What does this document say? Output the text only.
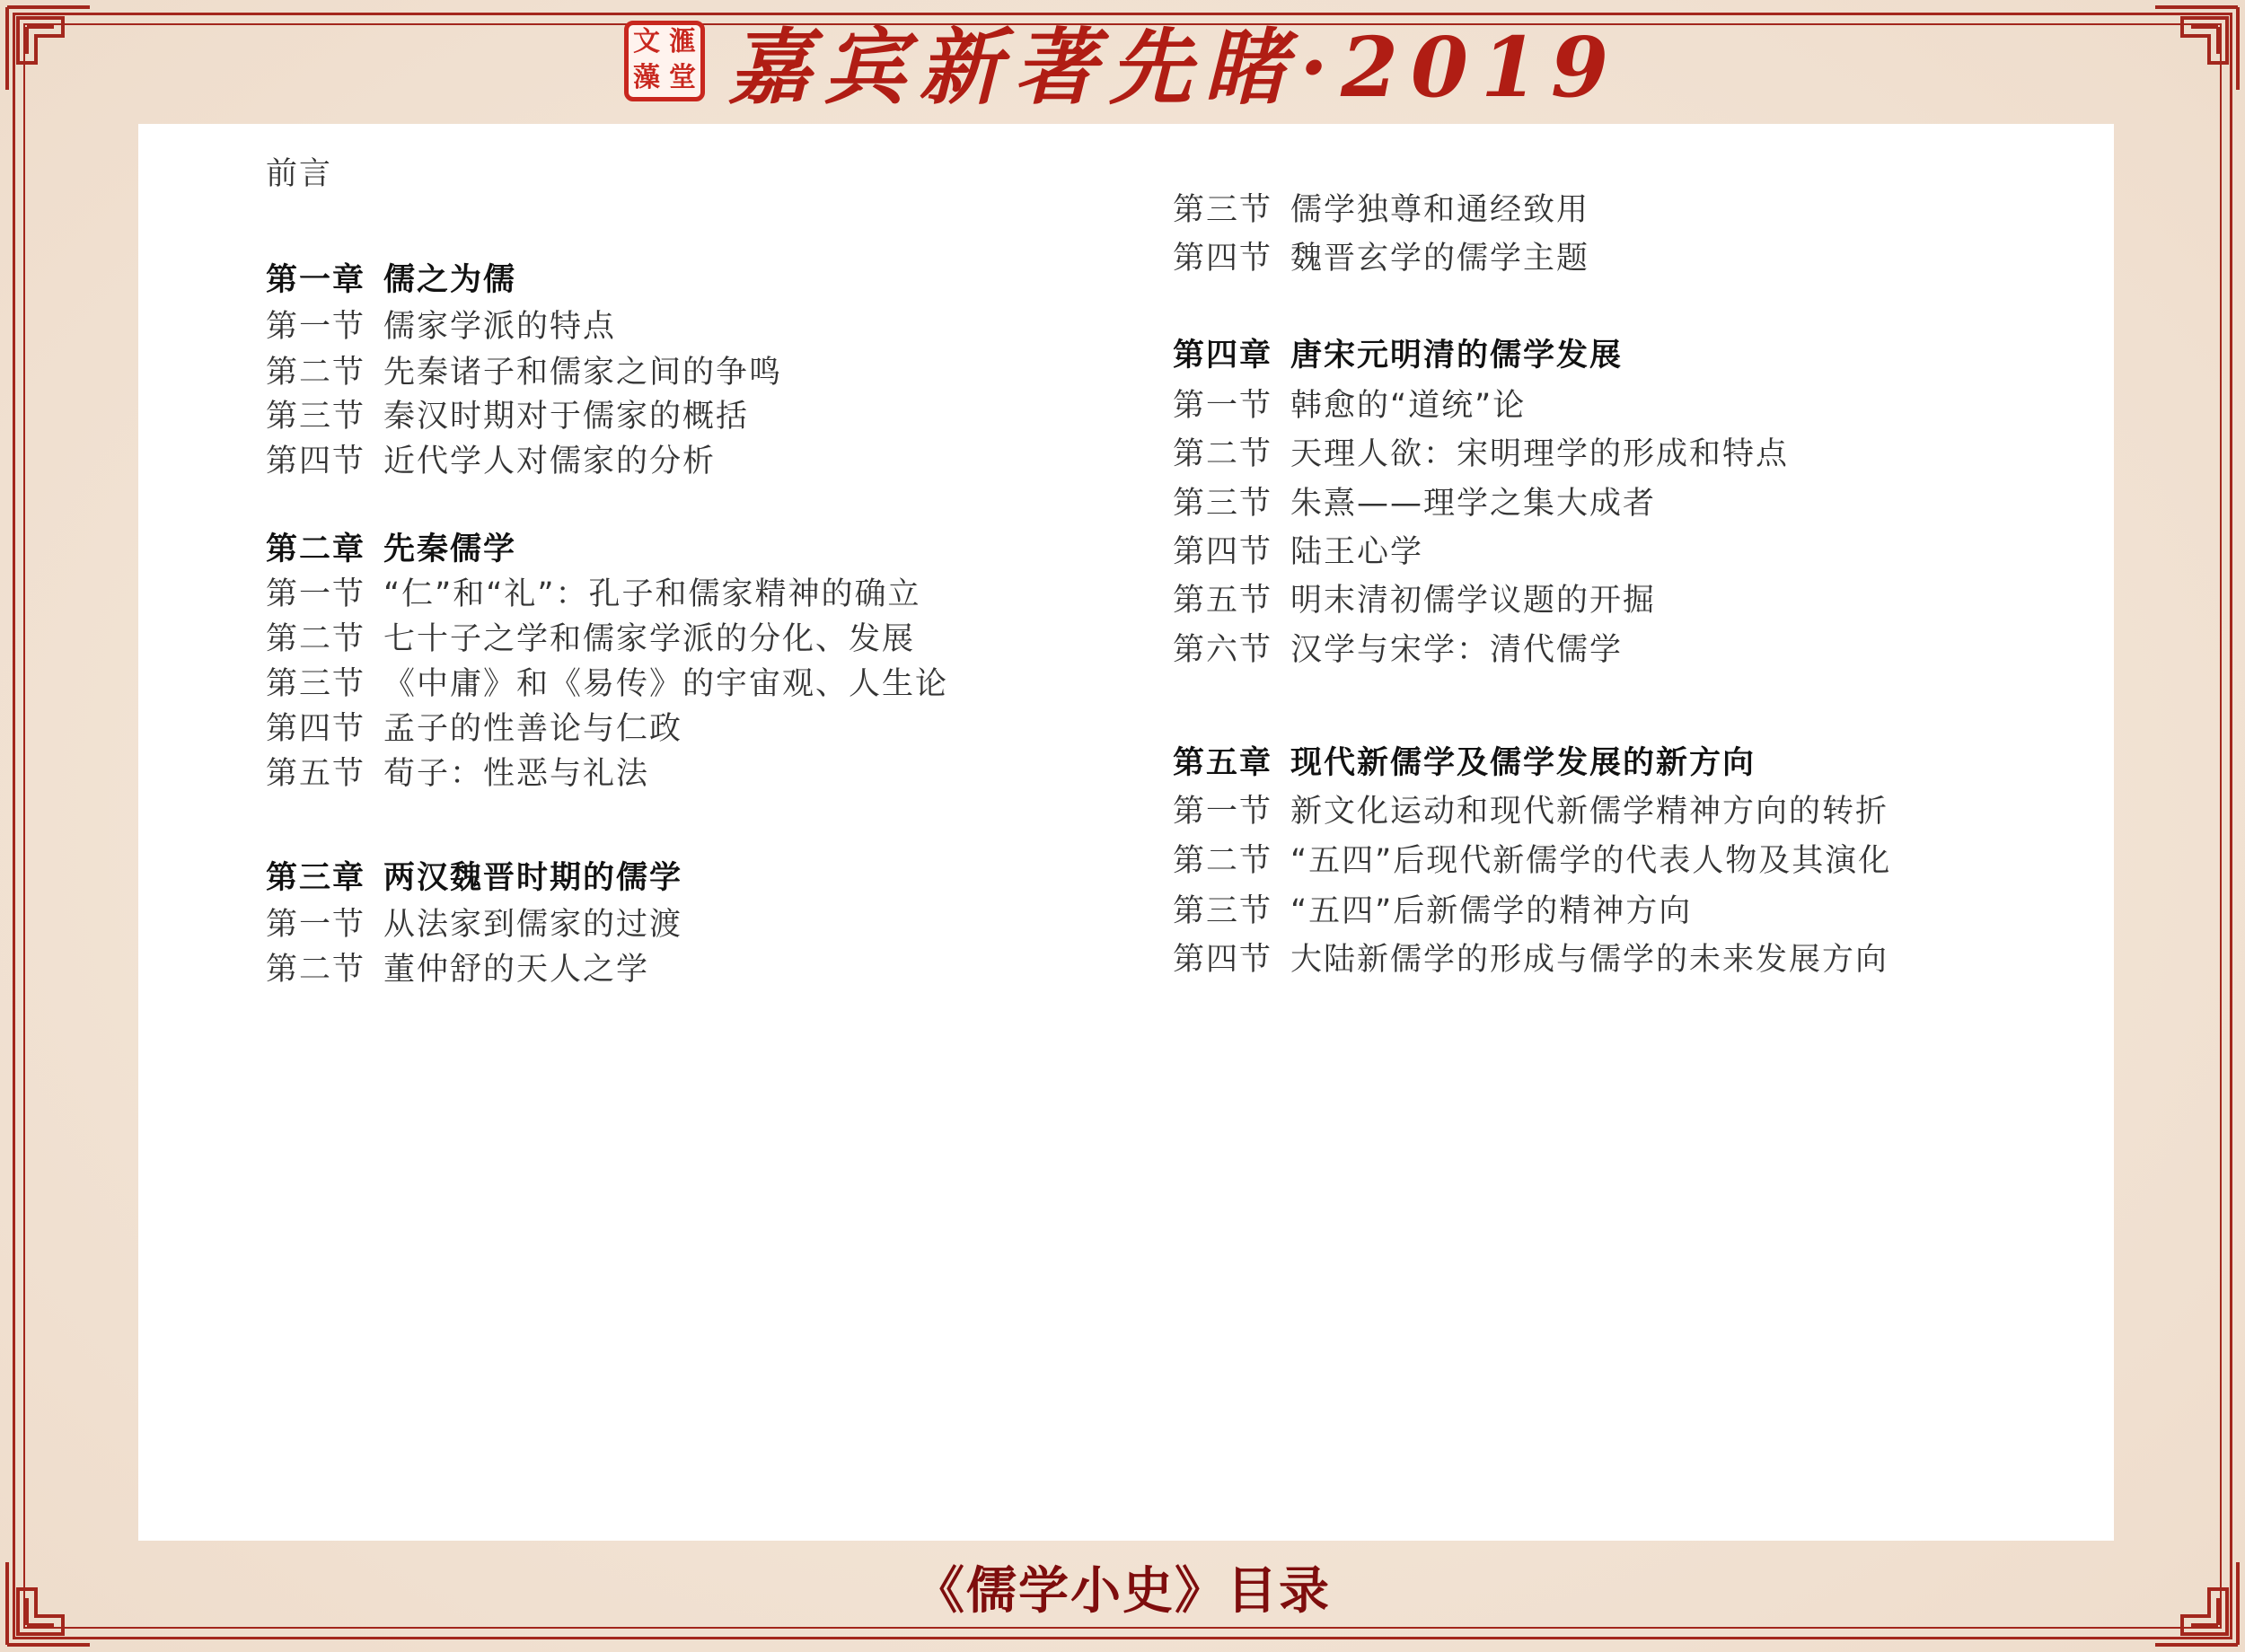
文 滙
藻 堂 嘉宾新著先睹·2019
前言
第一章 儒之为儒
第一节 儒家学派的特点
第二节 先秦诸子和儒家之间的争鸣
第三节 秦汉时期对于儒家的概括
第四节 近代学人对儒家的分析
第二章 先秦儒学
第一节 “仁”和“礼”：孔子和儒家精神的确立
第二节 七十子之学和儒家学派的分化、发展
第三节 《中庸》和《易传》的宇宙观、人生论
第四节 孟子的性善论与仁政
第五节 荀子：性恶与礼法
第三章 两汉魏晋时期的儒学
第一节 从法家到儒家的过渡
第二节 董仲舒的天人之学
第三节 儒学独尊和通经致用
第四节 魏晋玄学的儒学主题
第四章 唐宋元明清的儒学发展
第一节 韩愈的“道统”论
第二节 天理人欲：宋明理学的形成和特点
第三节 朱熹——理学之集大成者
第四节 陆王心学
第五节 明末清初儒学议题的开掘
第六节 汉学与宋学：清代儒学
第五章 现代新儒学及儒学发展的新方向
第一节 新文化运动和现代新儒学精神方向的转折
第二节 “五四”后现代新儒学的代表人物及其演化
第三节 “五四”后新儒学的精神方向
第四节 大陆新儒学的形成与儒学的未来发展方向
《儒学小史》目录
